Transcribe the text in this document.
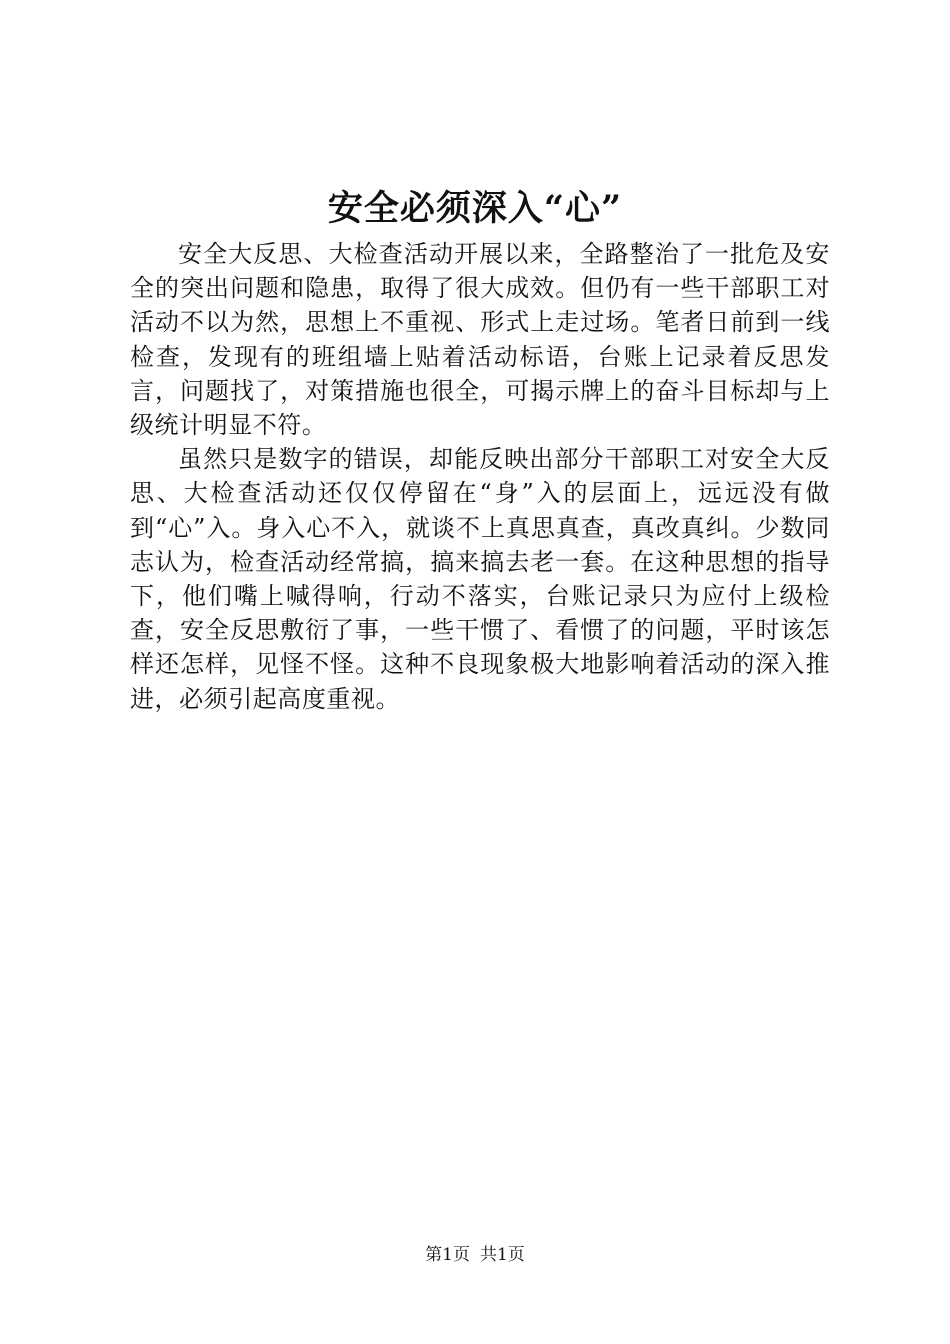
安全必须深入“心”

安全大反思、大检查活动开展以来，全路整治了一批危及安全的突出问题和隐患，取得了很大成效。但仍有一些干部职工对活动不以为然，思想上不重视、形式上走过场。笔者日前到一线检查，发现有的班组墙上贴着活动标语，台账上记录着反思发言，问题找了，对策措施也很全，可揭示牌上的奋斗目标却与上级统计明显不符。

虽然只是数字的错误，却能反映出部分干部职工对安全大反思、大检查活动还仅仅停留在“身”入的层面上，远远没有做到“心”入。身入心不入，就谈不上真思真查，真改真纠。少数同志认为，检查活动经常搞，搞来搞去老一套。在这种思想的指导下，他们嘴上喊得响，行动不落实，台账记录只为应付上级检查，安全反思敷衍了事，一些干惯了、看惯了的问题，平时该怎样还怎样，见怪不怪。这种不良现象极大地影响着活动的深入推进，必须引起高度重视。

第1页 共1页
